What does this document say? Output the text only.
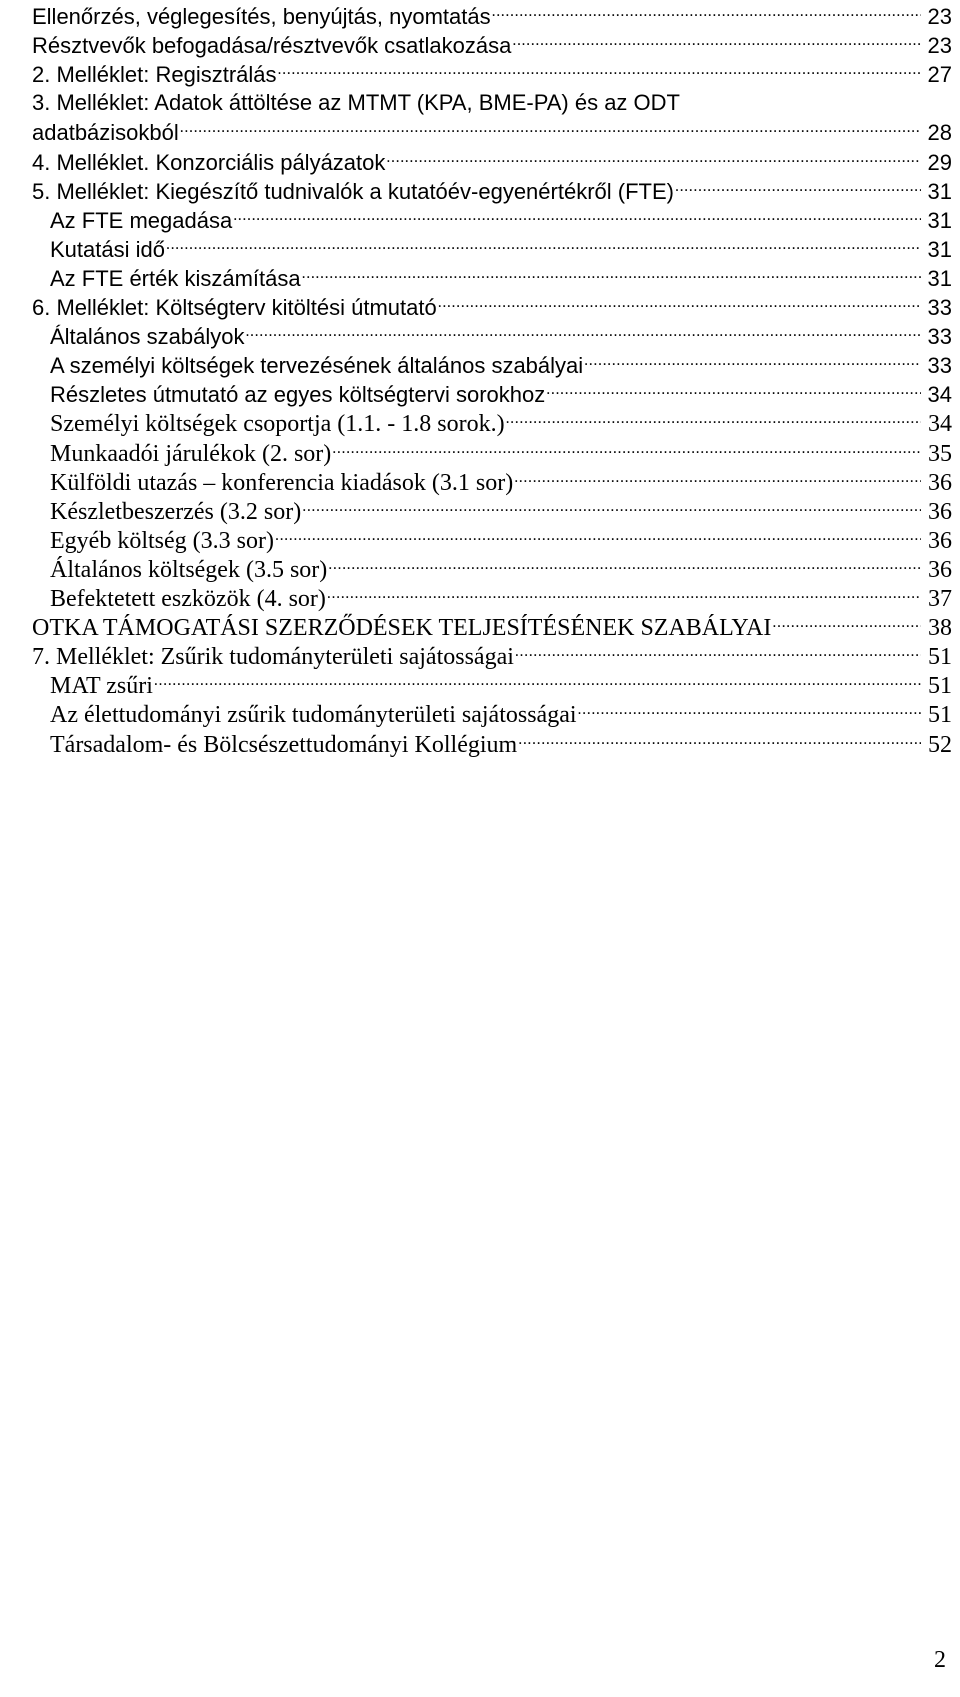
Ellenőrzés, véglegesítés, benyújtás, nyomtatás .....	23
Résztvevők befogadása/résztvevők csatlakozása .....	23
2. Melléklet: Regisztrálás .....	27
3. Melléklet: Adatok áttöltése az MTMT (KPA, BME-PA) és az ODT
adatbázisokból .....	28
4. Melléklet. Konzorciális pályázatok .....	29
5. Melléklet: Kiegészítő tudnivalók a kutatóév-egyenértékről (FTE) .....	31
Az FTE megadása .....	31
Kutatási idő .....	31
Az FTE érték kiszámítása .....	31
6. Melléklet: Költségterv kitöltési útmutató .....	33
Általános szabályok .....	33
A személyi költségek tervezésének általános szabályai .....	33
Részletes útmutató az egyes költségtervi sorokhoz .....	34
Személyi költségek csoportja (1.1. - 1.8 sorok.) .....	34
Munkaadói járulékok (2. sor) .....	35
Külföldi utazás – konferencia kiadások (3.1 sor) .....	36
Készletbeszerzés (3.2 sor) .....	36
Egyéb költség (3.3 sor) .....	36
Általános költségek (3.5 sor) .....	36
Befektetett eszközök (4. sor) .....	37
OTKA TÁMOGATÁSI SZERZŐDÉSEK TELJESÍTÉSÉNEK SZABÁLYAI .....	38
7. Melléklet: Zsűrik tudományterületi sajátosságai .....	51
MAT zsűri .....	51
Az élettudományi zsűrik tudományterületi sajátosságai .....	51
Társadalom- és Bölcsészettudományi Kollégium .....	52
2
